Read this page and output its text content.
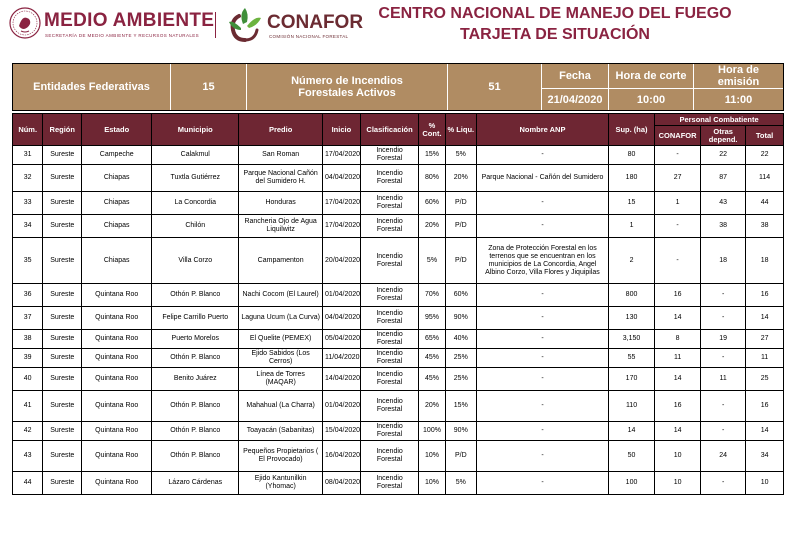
MEDIO AMBIENTE
SECRETARÍA DE MEDIO AMBIENTE Y RECURSOS NATURALES
CONAFOR
COMISIÓN NACIONAL FORESTAL
CENTRO NACIONAL DE MANEJO DEL FUEGO
TARJETA DE SITUACIÓN
Entidades Federativas	15	Número de Incendios Forestales Activos	51
Fecha
21/04/2020
Hora de corte
10:00
Hora de emisión
11:00
Núm.	Región	Estado	Municipio	Predio	Inicio	Clasificación	% Cont.	% Liqu.	Nombre ANP	Sup. (ha)	Personal Combatiente		
											CONAFOR	Otras depend.	Total
31	Sureste	Campeche	Calakmul	San Roman	17/04/2020	Incendio Forestal	15%	5%	-	80	-	22	22
32	Sureste	Chiapas	Tuxtla Gutiérrez	Parque Nacional Cañón del Sumidero H.	04/04/2020	Incendio Forestal	80%	20%	Parque Nacional - Cañón del Sumidero	180	27	87	114
33	Sureste	Chiapas	La Concordia	Honduras	17/04/2020	Incendio Forestal	60%	P/D	-	15	1	43	44
34	Sureste	Chiapas	Chilón	Rancheria Ojo de Agua Liquilwitz	17/04/2020	Incendio Forestal	20%	P/D	-	1	-	38	38
35	Sureste	Chiapas	Villa Corzo	Campamenton	20/04/2020	Incendio Forestal	5%	P/D	Zona de Protección Forestal en los terrenos que se encuentran en los municipios de La Concordia, Angel Albino Corzo, Villa Flores y Jiquipilas	2	-	18	18
36	Sureste	Quintana Roo	Othón P. Blanco	Nachi Cocom (El Laurel)	01/04/2020	Incendio Forestal	70%	60%	-	800	16	-	16
37	Sureste	Quintana Roo	Felipe Carrillo Puerto	Laguna Ucum (La Curva)	04/04/2020	Incendio Forestal	95%	90%	-	130	14	-	14
38	Sureste	Quintana Roo	Puerto Morelos	El Quelite (PEMEX)	05/04/2020	Incendio Forestal	65%	40%	-	3,150	8	19	27
39	Sureste	Quintana Roo	Othón P. Blanco	Ejido Sabidos (Los Cerros)	11/04/2020	Incendio Forestal	45%	25%	-	55	11	-	11
40	Sureste	Quintana Roo	Benito Juárez	Línea de Torres (MAQAR)	14/04/2020	Incendio Forestal	45%	25%	-	170	14	11	25
41	Sureste	Quintana Roo	Othón P. Blanco	Mahahual (La Charra)	01/04/2020	Incendio Forestal	20%	15%	-	110	16	-	16
42	Sureste	Quintana Roo	Othón P. Blanco	Toayacán (Sabanitas)	15/04/2020	Incendio Forestal	100%	90%	-	14	14	-	14
43	Sureste	Quintana Roo	Othón P. Blanco	Pequeños Propietarios ( El Provocado)	16/04/2020	Incendio Forestal	10%	P/D	-	50	10	24	34
44	Sureste	Quintana Roo	Lázaro Cárdenas	Ejido Kantunilkin (Yhomac)	08/04/2020	Incendio Forestal	10%	5%	-	100	10	-	10
